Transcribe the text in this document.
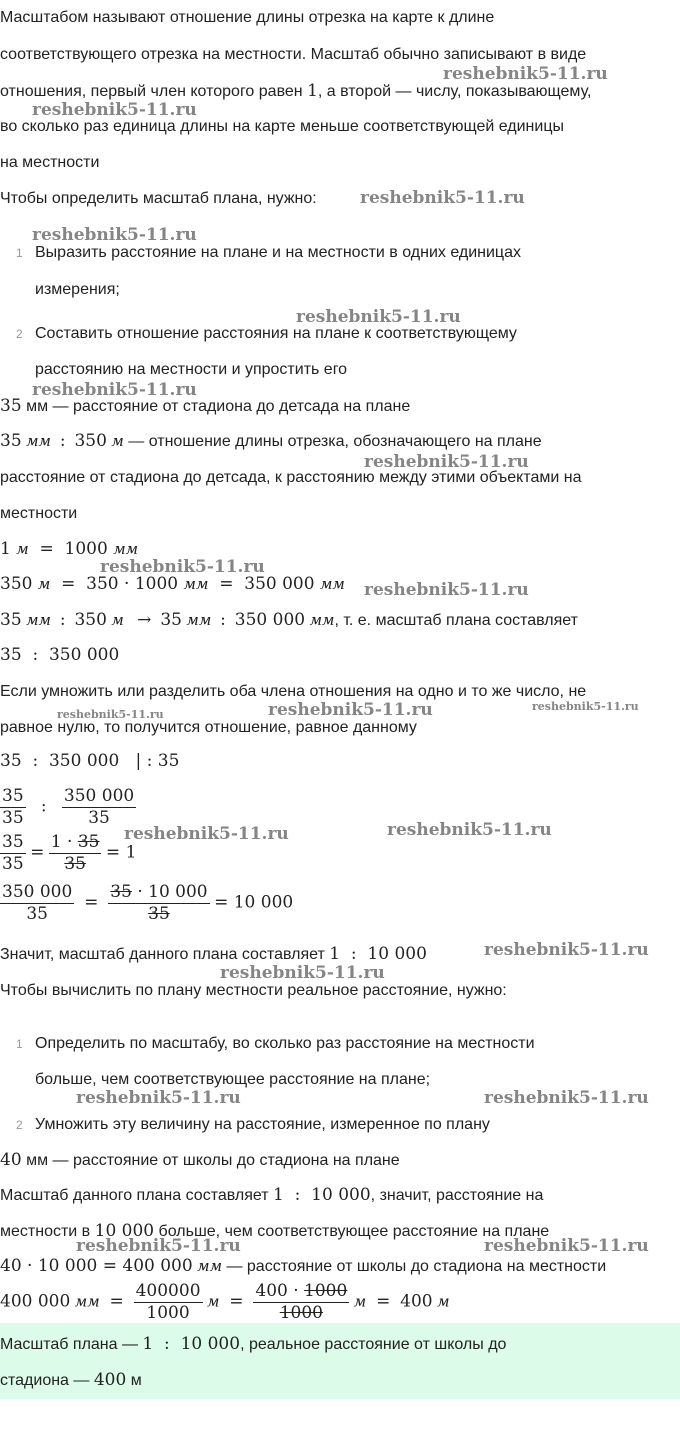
Масштабом называют отношение длины отрезка на карте к длине
соответствующего отрезка на местности. Масштаб обычно записывают в виде
отношения, первый член которого равен 1, а второй — числу, показывающему,
во сколько раз единица длины на карте меньше соответствующей единицы
на местности
Чтобы определить масштаб плана, нужно:
1 Выразить расстояние на плане и на местности в одних единицах
измерения;
2 Составить отношение расстояния на плане к соответствующему
расстоянию на местности и упростить его
35 мм — расстояние от стадиона до детсада на плане
35 мм : 350 м — отношение длины отрезка, обозначающего на плане
расстояние от стадиона до детсада, к расстоянию между этими объектами на
местности
1 м = 1000 мм
350 м = 350 · 1000 мм = 350 000 мм
35 мм : 350 м → 35 мм : 350 000 мм, т. е. масштаб плана составляет
35  :  350 000
Если умножить или разделить оба члена отношения на одно и то же число, не
равное нулю, то получится отношение, равное данному
35  :  350 000 | : 35
$\frac{35}{35}$ : $\frac{350 000}{35}$
$\frac{35}{35} = \frac{1 \cdot 35}{35} = 1$
$\frac{350 000}{35} = \frac{35 \cdot 10 000}{35} = 10$ 000
Значит, масштаб данного плана составляет 1  :  10 000
Чтобы вычислить по плану местности реальное расстояние, нужно:
1 Определить по масштабу, во сколько раз расстояние на местности
больше, чем соответствующее расстояние на плане;
2 Умножить эту величину на расстояние, измеренное по плану
40 мм — расстояние от школы до стадиона на плане
Масштаб данного плана составляет 1  :  10 000, значит, расстояние на
местности в 10 000 больше, чем соответствующее расстояние на плане
40 · 10 000 = 400 000 мм — расстояние от школы до стадиона на местности
400 000 мм = $\frac{400000}{1000}$ $м = \frac{400 \cdot 1000}{1000}$ м = 400 м
Масштаб плана — 1  :  10 000, реальное расстояние от школы до
стадиона — 400 м
reshebnik5-11.ru
reshebnik5-11.ru
reshebnik5-11.ru
reshebnik5-11.ru
reshebnik5-11.ru
reshebnik5-11.ru
reshebnik5-11.ru
reshebnik5-11.ru
reshebnik5-11.ru
reshebnik5-11.ru	reshebnik5-11.ru	reshebnik5-11.ru
reshebnik5-11.ru	reshebnik5-11.ru
reshebnik5-11.ru
reshebnik5-11.ru
reshebnik5-11.ru	reshebnik5-11.ru
reshebnik5-11.ru	reshebnik5-11.ru
